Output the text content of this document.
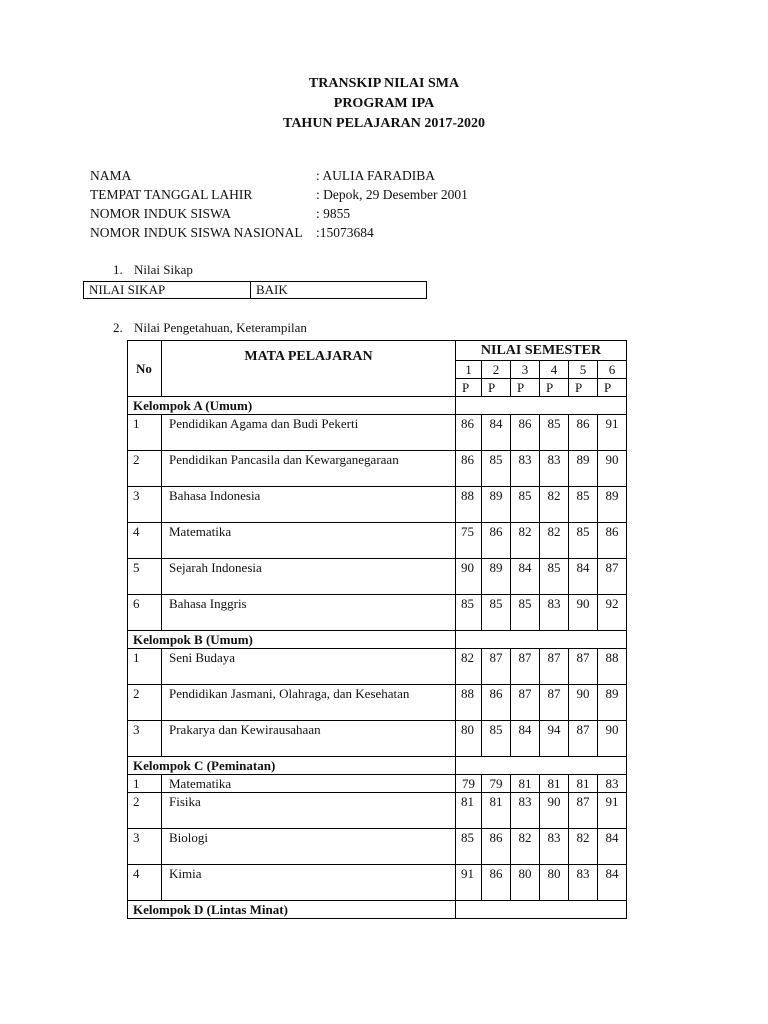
TRANSKIP NILAI SMA
PROGRAM IPA
TAHUN PELAJARAN 2017-2020
NAMA	: AULIA FARADIBA
TEMPAT TANGGAL LAHIR	: Depok, 29 Desember 2001
NOMOR INDUK SISWA	: 9855
NOMOR INDUK SISWA NASIONAL :15073684
1. Nilai Sikap
NILAI SIKAP	BAIK
2. Nilai Pengetahuan, Keterampilan
No	MATA PELAJARAN	NILAI SEMESTER					
		1	2	3	4	5	6
		P	P	P	P	P	P
Kelompok A (Umum)							
1	Pendidikan Agama dan Budi Pekerti	86	84	86	85	86	91
2	Pendidikan Pancasila dan Kewarganegaraan	86	85	83	83	89	90
3	Bahasa Indonesia	88	89	85	82	85	89
4	Matematika	75	86	82	82	85	86
5	Sejarah Indonesia	90	89	84	85	84	87
6	Bahasa Inggris	85	85	85	83	90	92
Kelompok B (Umum)							
1	Seni Budaya	82	87	87	87	87	88
2	Pendidikan Jasmani, Olahraga, dan Kesehatan	88	86	87	87	90	89
3	Prakarya dan Kewirausahaan	80	85	84	94	87	90
Kelompok C (Peminatan)							
1	Matematika	79	79	81	81	81	83
2	Fisika	81	81	83	90	87	91
3	Biologi	85	86	82	83	82	84
4	Kimia	91	86	80	80	83	84
Kelompok D (Lintas Minat)							
